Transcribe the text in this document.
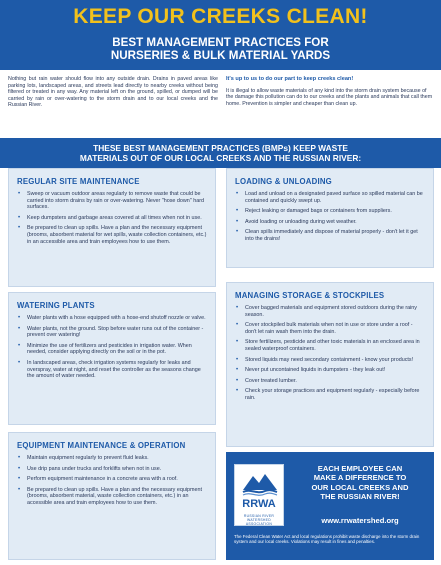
KEEP OUR CREEKS CLEAN!
BEST MANAGEMENT PRACTICES FOR
NURSERIES & BULK MATERIAL YARDS
Nothing but rain water should flow into any outside drain. Drains in paved areas like parking lots, landscaped areas, and streets lead directly to nearby creeks without being filtered or treated in any way. Any material left on the ground, spilled, or dumped will be carried by rain or over-watering to the storm drain and to our local creeks and the Russian River.
It's up to us to do our part to keep creeks clean!
It is illegal to allow waste materials of any kind into the storm drain system because of the damage this pollution can do to our creeks and the plants and animals that call them home. Prevention is simpler and cheaper than clean up.
THESE BEST MANAGEMENT PRACTICES (BMPs) KEEP WASTE
MATERIALS OUT OF OUR LOCAL CREEKS AND THE RUSSIAN RIVER:
REGULAR SITE MAINTENANCE
• Sweep or vacuum outdoor areas regularly to remove waste that could be carried into storm drains by rain or over-watering. Never "hose down" hard surfaces.
• Keep dumpsters and garbage areas covered at all times when not in use.
• Be prepared to clean up spills. Have a plan and the necessary equipment (brooms, absorbent material for wet spills, waste collection containers, etc.) in an accessible area and train employees how to use them.
LOADING & UNLOADING
• Load and unload on a designated paved surface so spilled material can be contained and quickly swept up.
• Reject leaking or damaged bags or containers from suppliers.
• Avoid loading or unloading during wet weather.
• Clean spills immediately and dispose of material properly - don't let it get into the drains!
WATERING PLANTS
• Water plants with a hose equipped with a hose-end shutoff nozzle or valve.
• Water plants, not the ground. Stop before water runs out of the container - prevent over watering!
• Minimize the use of fertilizers and pesticides in irrigation water. When needed, consider applying directly on the soil or in the pot.
• In landscaped areas, check irrigation systems regularly for leaks and overspray, water at night, and reset the controller as the seasons change the amount of water needed.
MANAGING STORAGE & STOCKPILES
• Cover bagged materials and equipment stored outdoors during the rainy season.
• Cover stockpiled bulk materials when not in use or store under a roof - don't let rain wash them into the drain.
• Store fertilizers, pesticide and other toxic materials in an enclosed area in sealed waterproof containers.
• Stored liquids may need secondary containment - know your products!
• Never put uncontained liquids in dumpsters - they leak out!
• Cover treated lumber.
• Check your storage practices and equipment regularly - especially before rain.
EQUIPMENT MAINTENANCE & OPERATION
• Maintain equipment regularly to prevent fluid leaks.
• Use drip pans under trucks and forklifts when not in use.
• Perform equipment maintenance in a concrete area with a roof.
• Be prepared to clean up spills. Have a plan and the necessary equipment (brooms, absorbent material, waste collection containers, etc.) in an accessible area and train employees how to use them.	RRWA
RUSSIAN RIVER
WATERSHED ASSOCIATION
EACH EMPLOYEE CAN
MAKE A DIFFERENCE TO
OUR LOCAL CREEKS AND
THE RUSSIAN RIVER!
www.rrwatershed.org
The Federal Clean Water Act and local regulations prohibit waste discharge into the storm drain system and our local creeks. Violations may result in fines and penalties.
